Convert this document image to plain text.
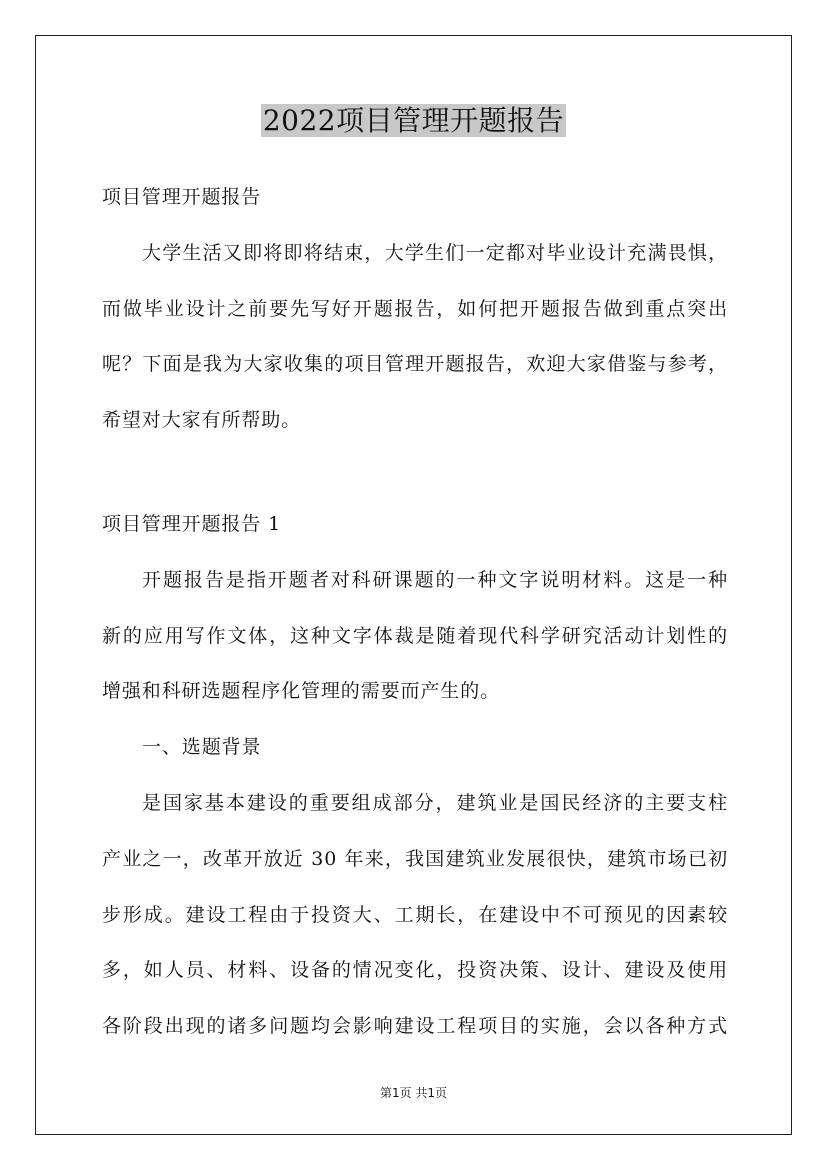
2022项目管理开题报告
项目管理开题报告
大学生活又即将即将结束，大学生们一定都对毕业设计充满畏惧，
而做毕业设计之前要先写好开题报告，如何把开题报告做到重点突出
呢？下面是我为大家收集的项目管理开题报告，欢迎大家借鉴与参考，
希望对大家有所帮助。
项目管理开题报告 1
开题报告是指开题者对科研课题的一种文字说明材料。这是一种
新的应用写作文体，这种文字体裁是随着现代科学研究活动计划性的
增强和科研选题程序化管理的需要而产生的。
一、选题背景
是国家基本建设的重要组成部分，建筑业是国民经济的主要支柱
产业之一，改革开放近 30 年来，我国建筑业发展很快，建筑市场已初
步形成。建设工程由于投资大、工期长，在建设中不可预见的因素较
多，如人员、材料、设备的情况变化，投资决策、设计、建设及使用
各阶段出现的诸多问题均会影响建设工程项目的实施，会以各种方式
第1页 共1页
